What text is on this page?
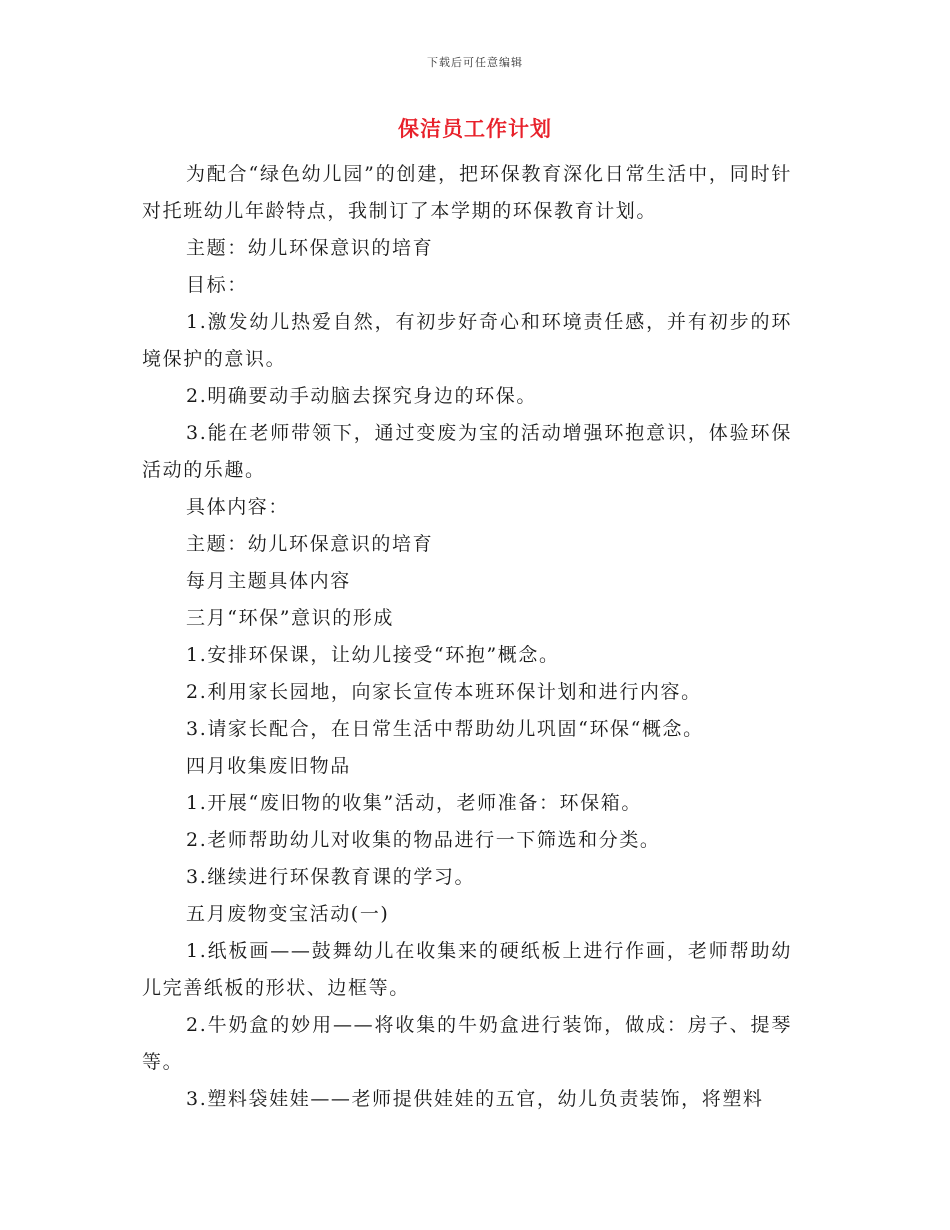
下载后可任意编辑
保洁员工作计划

为配合“绿色幼儿园”的创建，把环保教育深化日常生活中，同时针对托班幼儿年龄特点，我制订了本学期的环保教育计划。

主题：幼儿环保意识的培育

目标：

1.激发幼儿热爱自然，有初步好奇心和环境责任感，并有初步的环境保护的意识。

2.明确要动手动脑去探究身边的环保。

3.能在老师带领下，通过变废为宝的活动增强环抱意识，体验环保活动的乐趣。

具体内容：

主题：幼儿环保意识的培育

每月主题具体内容

三月“环保”意识的形成

1.安排环保课，让幼儿接受“环抱”概念。

2.利用家长园地，向家长宣传本班环保计划和进行内容。

3.请家长配合，在日常生活中帮助幼儿巩固“环保“概念。

四月收集废旧物品

1.开展“废旧物的收集”活动，老师准备：环保箱。

2.老师帮助幼儿对收集的物品进行一下筛选和分类。

3.继续进行环保教育课的学习。

五月废物变宝活动(一)

1.纸板画——鼓舞幼儿在收集来的硬纸板上进行作画，老师帮助幼儿完善纸板的形状、边框等。

2.牛奶盒的妙用——将收集的牛奶盒进行装饰，做成：房子、提琴等。

3.塑料袋娃娃——老师提供娃娃的五官，幼儿负责装饰，将塑料
